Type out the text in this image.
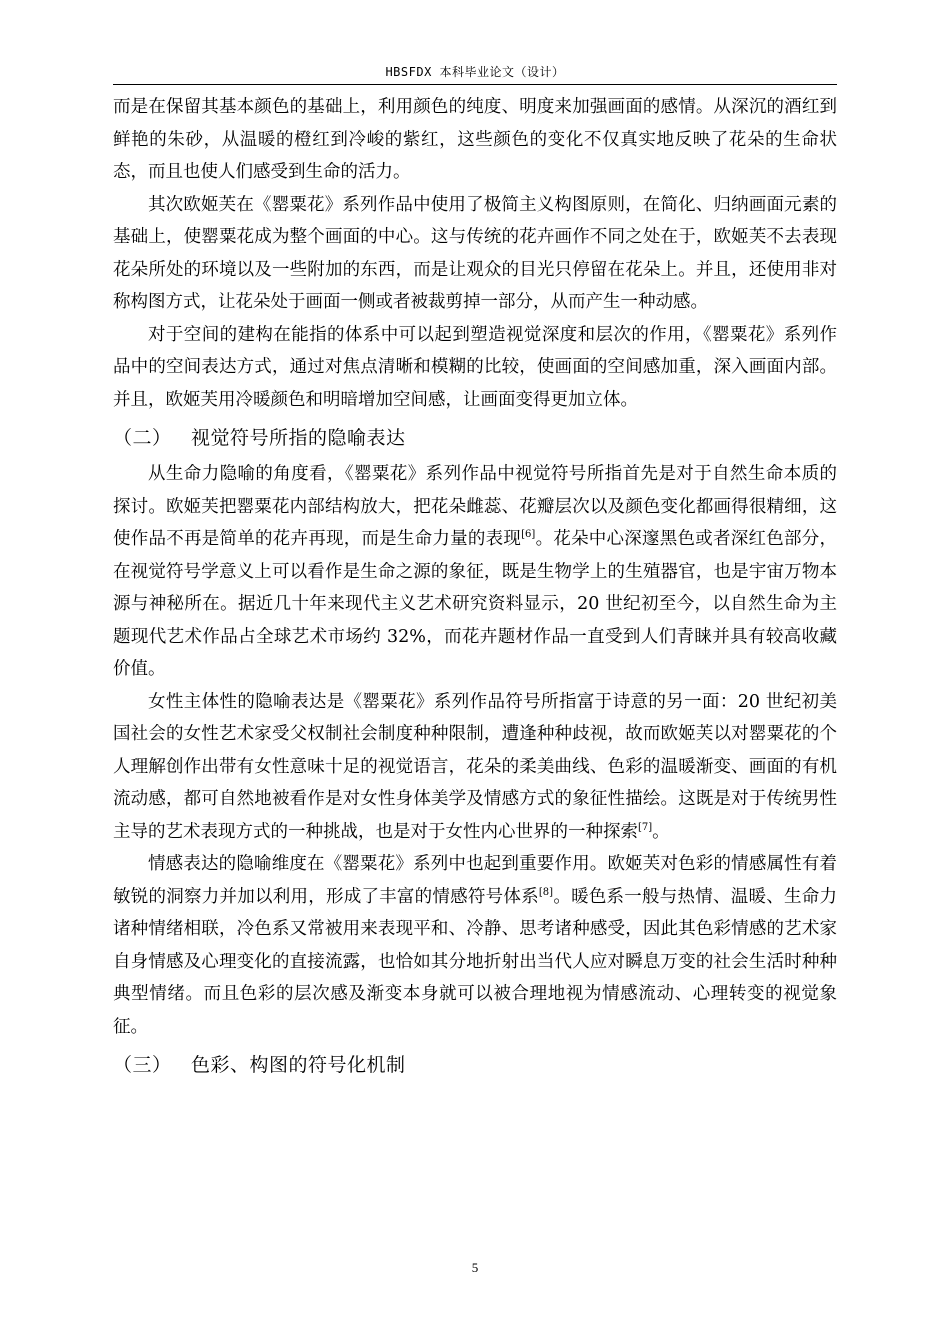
HBSFDX 本科毕业论文（设计）

而是在保留其基本颜色的基础上，利用颜色的纯度、明度来加强画面的感情。从深沉的酒红到鲜艳的朱砂，从温暖的橙红到冷峻的紫红，这些颜色的变化不仅真实地反映了花朵的生命状态，而且也使人们感受到生命的活力。

其次欧姬芙在《罂粟花》系列作品中使用了极简主义构图原则，在简化、归纳画面元素的基础上，使罂粟花成为整个画面的中心。这与传统的花卉画作不同之处在于，欧姬芙不去表现花朵所处的环境以及一些附加的东西，而是让观众的目光只停留在花朵上。并且，还使用非对称构图方式，让花朵处于画面一侧或者被裁剪掉一部分，从而产生一种动感。

对于空间的建构在能指的体系中可以起到塑造视觉深度和层次的作用，《罂粟花》系列作品中的空间表达方式，通过对焦点清晰和模糊的比较，使画面的空间感加重，深入画面内部。并且，欧姬芙用冷暖颜色和明暗增加空间感，让画面变得更加立体。

（二） 视觉符号所指的隐喻表达

从生命力隐喻的角度看，《罂粟花》系列作品中视觉符号所指首先是对于自然生命本质的探讨。欧姬芙把罂粟花内部结构放大，把花朵雌蕊、花瓣层次以及颜色变化都画得很精细，这使作品不再是简单的花卉再现，而是生命力量的表现[6]。花朵中心深邃黑色或者深红色部分，在视觉符号学意义上可以看作是生命之源的象征，既是生物学上的生殖器官，也是宇宙万物本源与神秘所在。据近几十年来现代主义艺术研究资料显示，20 世纪初至今，以自然生命为主题现代艺术作品占全球艺术市场约 32%，而花卉题材作品一直受到人们青睐并具有较高收藏价值。

女性主体性的隐喻表达是《罂粟花》系列作品符号所指富于诗意的另一面：20 世纪初美国社会的女性艺术家受父权制社会制度种种限制，遭逢种种歧视，故而欧姬芙以对罂粟花的个人理解创作出带有女性意味十足的视觉语言，花朵的柔美曲线、色彩的温暖渐变、画面的有机流动感，都可自然地被看作是对女性身体美学及情感方式的象征性描绘。这既是对于传统男性主导的艺术表现方式的一种挑战，也是对于女性内心世界的一种探索[7]。

情感表达的隐喻维度在《罂粟花》系列中也起到重要作用。欧姬芙对色彩的情感属性有着敏锐的洞察力并加以利用，形成了丰富的情感符号体系[8]。暖色系一般与热情、温暖、生命力诸种情绪相联，冷色系又常被用来表现平和、冷静、思考诸种感受，因此其色彩情感的艺术家自身情感及心理变化的直接流露，也恰如其分地折射出当代人应对瞬息万变的社会生活时种种典型情绪。而且色彩的层次感及渐变本身就可以被合理地视为情感流动、心理转变的视觉象征。

（三） 色彩、构图的符号化机制
5
